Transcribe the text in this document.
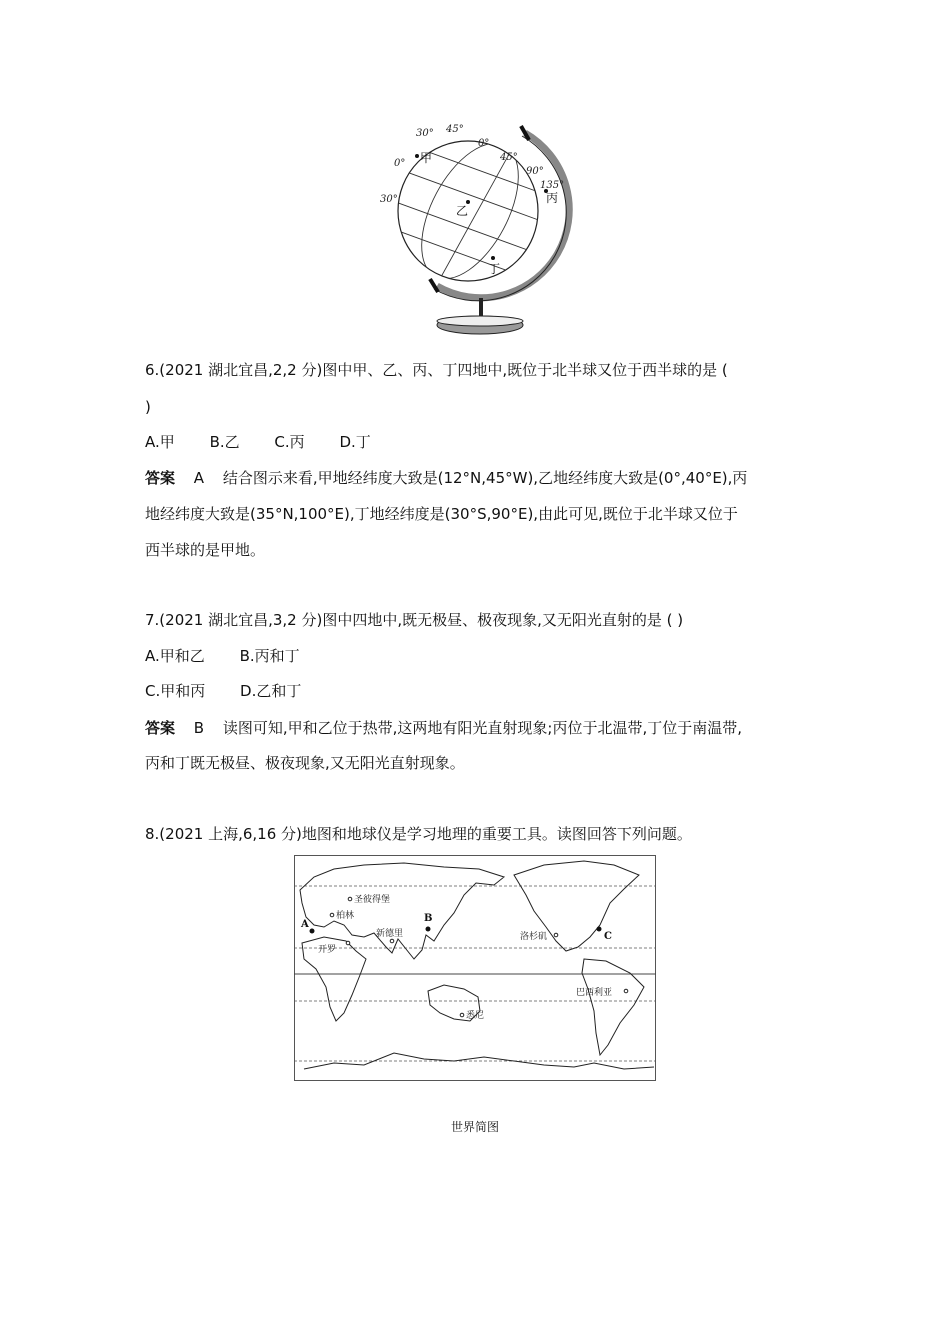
30° 45°
0°
30°
0°
45°
90°
135°
甲
乙
丙
丁
6.(2021 湖北宜昌,2,2 分)图中甲、乙、丙、丁四地中,既位于北半球又位于西半球的是 (
)
A.甲 B.乙 C.丙 D.丁
答案 A 结合图示来看,甲地经纬度大致是(12°N,45°W),乙地经纬度大致是(0°,40°E),丙
地经纬度大致是(35°N,100°E),丁地经纬度是(30°S,90°E),由此可见,既位于北半球又位于
西半球的是甲地。
7.(2021 湖北宜昌,3,2 分)图中四地中,既无极昼、极夜现象,又无阳光直射的是 ( )
A.甲和乙 B.丙和丁
C.甲和丙 D.乙和丁
答案 B 读图可知,甲和乙位于热带,这两地有阳光直射现象;丙位于北温带,丁位于南温带,
丙和丁既无极昼、极夜现象,又无阳光直射现象。
8.(2021 上海,6,16 分)地图和地球仪是学习地理的重要工具。读图回答下列问题。
圣彼得堡
柏林
开罗
新德里	洛杉矶
巴西利亚
悉尼
A
B
C
世界简图
